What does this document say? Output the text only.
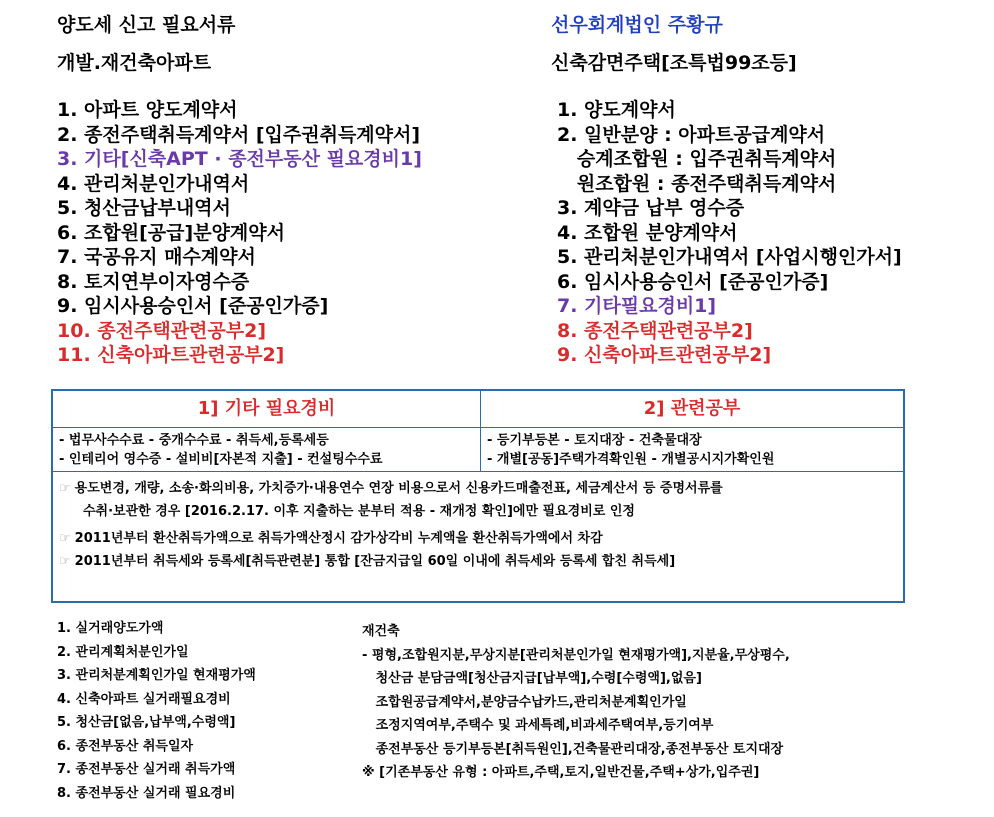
양도세 신고 필요서류
개발.재건축아파트
선우회계법인 주황규
신축감면주택[조특법99조등]
1. 아파트 양도계약서
2. 종전주택취득계약서 [입주권취득계약서]
3. 기타[신축APT · 종전부동산 필요경비1]
4. 관리처분인가내역서
5. 청산금납부내역서
6. 조합원[공급]분양계약서
7. 국공유지 매수계약서
8. 토지연부이자영수증
9. 임시사용승인서 [준공인가증]
10. 종전주택관련공부2]
11. 신축아파트관련공부2]
1. 양도계약서
2. 일반분양 : 아파트공급계약서
승계조합원 : 입주권취득계약서
원조합원 : 종전주택취득계약서
3. 계약금 납부 영수증
4. 조합원 분양계약서
5. 관리처분인가내역서 [사업시행인가서]
6. 임시사용승인서 [준공인가증]
7. 기타필요경비1]
8. 종전주택관련공부2]
9. 신축아파트관련공부2]
1] 기타 필요경비	2] 관련공부
- 법무사수수료 - 중개수수료 - 취득세,등록세등
- 인테리어 영수증 - 설비비[자본적 지출] - 컨설팅수수료
- 등기부등본 - 토지대장 - 건축물대장
- 개별[공동]주택가격확인원 - 개별공시지가확인원
☞ 용도변경, 개량, 소송·화의비용, 가치증가·내용연수 연장 비용으로서 신용카드매출전표, 세금계산서 등 증명서류를
수취·보관한 경우 [2016.2.17. 이후 지출하는 분부터 적용 - 재개정 확인]에만 필요경비로 인정
☞ 2011년부터 환산취득가액으로 취득가액산정시 감가상각비 누계액을 환산취득가액에서 차감
☞ 2011년부터 취득세와 등록세[취득관련분] 통합 [잔금지급일 60일 이내에 취득세와 등록세 합친 취득세]
1. 실거래양도가액
2. 관리계획처분인가일
3. 관리처분계획인가일 현재평가액
4. 신축아파트 실거래필요경비
5. 청산금[없음,납부액,수령액]
6. 종전부동산 취득일자
7. 종전부동산 실거래 취득가액
8. 종전부동산 실거래 필요경비
재건축
- 평형,조합원지분,무상지분[관리처분인가일 현재평가액],지분율,무상평수,
청산금 분담금액[청산금지급[납부액],수령[수령액],없음]
조합원공급계약서,분양금수납카드,관리처분계획인가일
조정지역여부,주택수 및 과세특례,비과세주택여부,등기여부
종전부동산 등기부등본[취득원인],건축물관리대장,종전부동산 토지대장
※ [기존부동산 유형 : 아파트,주택,토지,일반건물,주택+상가,입주권]
